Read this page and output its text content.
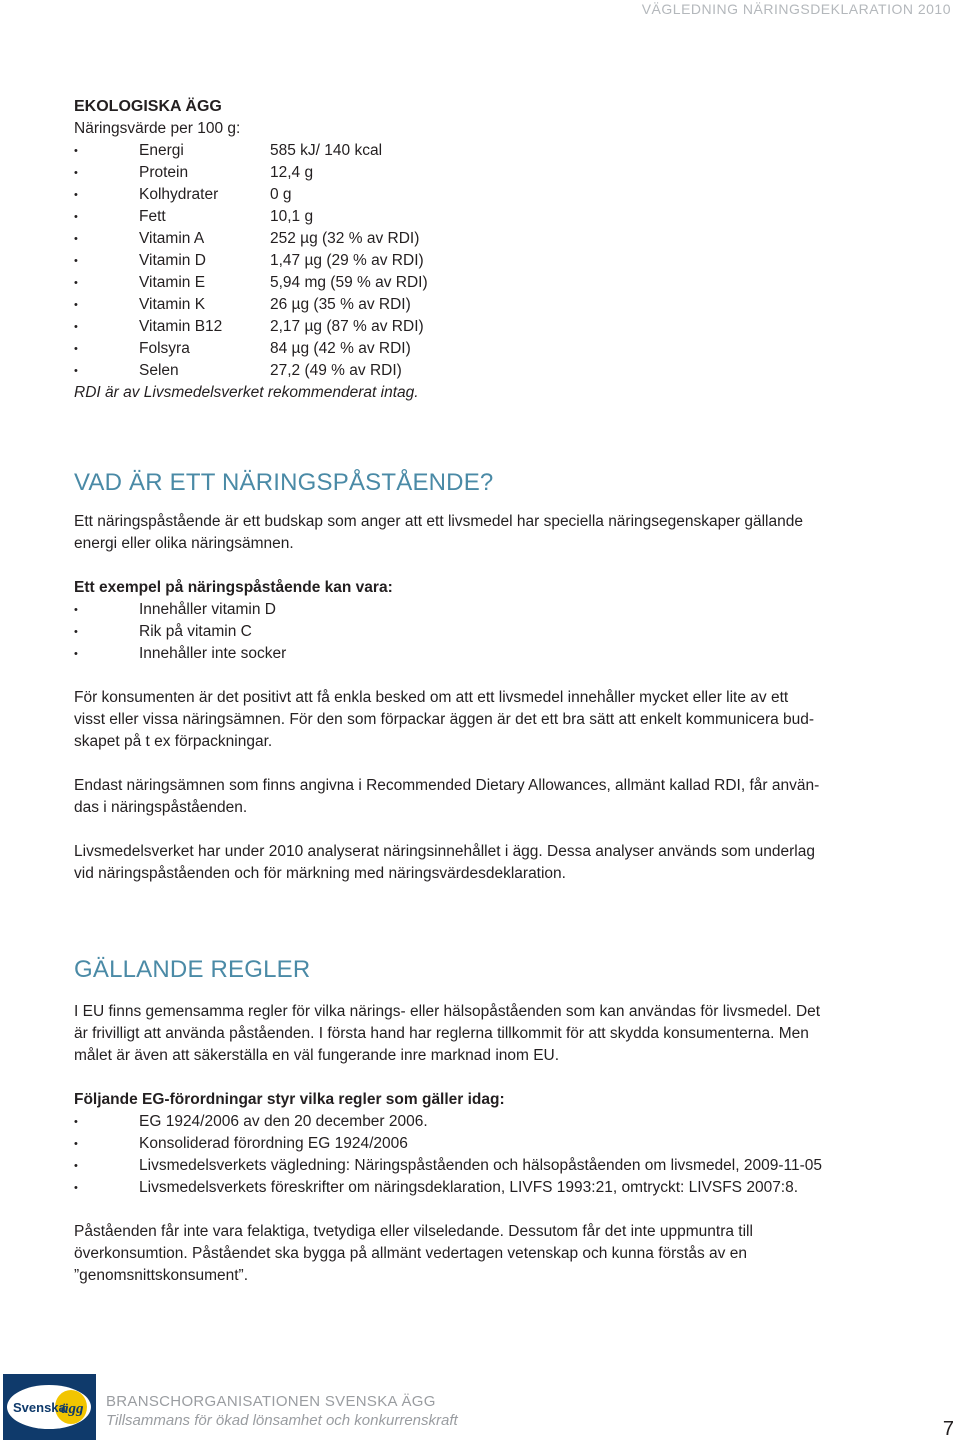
VÄGLEDNING NÄRINGSDEKLARATION 2010

EKOLOGISKA ÄGG

Näringsvärde per 100 g:

•	Energi	585 kJ/ 140 kcal
•	Protein	12,4 g
•	Kolhydrater	0 g
•	Fett	10,1 g
•	Vitamin A	252 µg (32 % av RDI)
•	Vitamin D	1,47 µg (29 % av RDI)
•	Vitamin E	5,94 mg (59 % av RDI)
•	Vitamin K	26 µg (35 % av RDI)
•	Vitamin B12	2,17 µg (87 % av RDI)
•	Folsyra	84 µg (42 % av RDI)
•	Selen	27,2 (49 % av RDI)

RDI är av Livsmedelsverket rekommenderat intag.

VAD ÄR ETT NÄRINGSPÅSTÅENDE?

Ett näringspåstående är ett budskap som anger att ett livsmedel har speciella näringsegenskaper gällande

energi eller olika näringsämnen.

Ett exempel på näringspåstående kan vara:

•	Innehåller vitamin D
•	Rik på vitamin C
•	Innehåller inte socker

För konsumenten är det positivt att få enkla besked om att ett livsmedel innehåller mycket eller lite av ett

visst eller vissa näringsämnen. För den som förpackar äggen är det ett bra sätt att enkelt kommunicera bud-

skapet på t ex förpackningar.

Endast näringsämnen som finns angivna i Recommended Dietary Allowances, allmänt kallad RDI, får använ-

das i näringspåståenden.

Livsmedelsverket har under 2010 analyserat näringsinnehållet i ägg. Dessa analyser används som underlag

vid näringspåståenden och för märkning med näringsvärdesdeklaration.

GÄLLANDE REGLER

I EU finns gemensamma regler för vilka närings- eller hälsopåståenden som kan användas för livsmedel. Det

är frivilligt att använda påståenden. I första hand har reglerna tillkommit för att skydda konsumenterna. Men

målet är även att säkerställa en väl fungerande inre marknad inom EU.

Följande EG-förordningar styr vilka regler som gäller idag:

•	EG 1924/2006 av den 20 december 2006.
•	Konsoliderad förordning EG 1924/2006
•	Livsmedelsverkets vägledning: Näringspåståenden och hälsopåståenden om livsmedel, 2009-11-05
•	Livsmedelsverkets föreskrifter om näringsdeklaration, LIVFS 1993:21, omtryckt: LIVSFS 2007:8.

Påståenden får inte vara felaktiga, tvetydiga eller vilseledande. Dessutom får det inte uppmuntra till

överkonsumtion. Påståendet ska bygga på allmänt vedertagen vetenskap och kunna förstås av en

”genomsnittskonsument”.

Svenska
ägg BRANSCHORGANISATIONEN SVENSKA ÄGG
Tillsammans för ökad lönsamhet och konkurrenskraft	7
